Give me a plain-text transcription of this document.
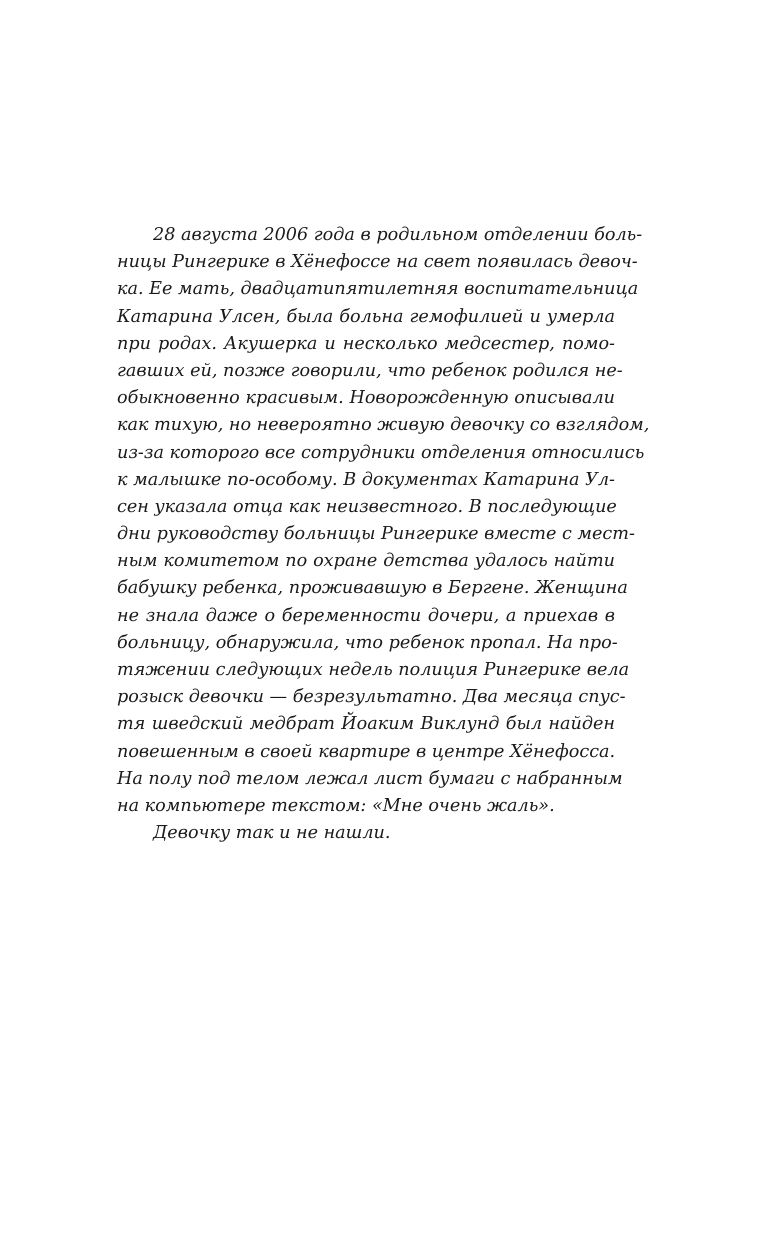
28 августа 2006 года в родильном отделении боль-
ницы Рингерике в Хёнефоссе на свет появилась девоч-
ка. Ее мать, двадцатипятилетняя воспитательница
Катарина Улсен, была больна гемофилией и умерла
при родах. Акушерка и несколько медсестер, помо-
гавших ей, позже говорили, что ребенок родился не-
обыкновенно красивым. Новорожденную описывали
как тихую, но невероятно живую девочку со взглядом,
из-за которого все сотрудники отделения относились
к малышке по-особому. В документах Катарина Ул-
сен указала отца как неизвестного. В последующие
дни руководству больницы Рингерике вместе с мест-
ным комитетом по охране детства удалось найти
бабушку ребенка, проживавшую в Бергене. Женщина
не знала даже о беременности дочери, а приехав в
больницу, обнаружила, что ребенок пропал. На про-
тяжении следующих недель полиция Рингерике вела
розыск девочки — безрезультатно. Два месяца спус-
тя шведский медбрат Йоаким Виклунд был найден
повешенным в своей квартире в центре Хёнефосса.
На полу под телом лежал лист бумаги с набранным
на компьютере текстом: «Мне очень жаль».
Девочку так и не нашли.
